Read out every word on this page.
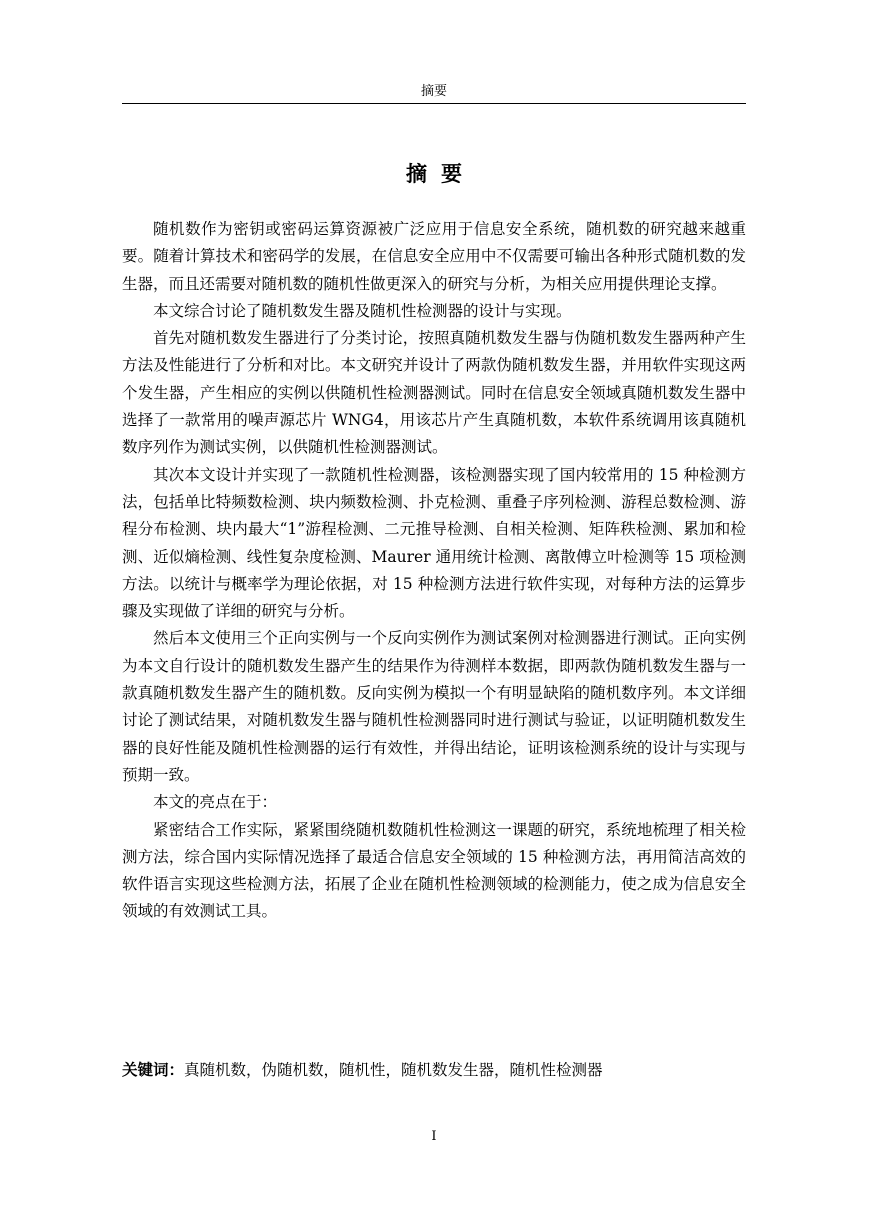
摘要
摘要

随机数作为密钥或密码运算资源被广泛应用于信息安全系统，随机数的研究越来越重要。随着计算技术和密码学的发展，在信息安全应用中不仅需要可输出各种形式随机数的发生器，而且还需要对随机数的随机性做更深入的研究与分析，为相关应用提供理论支撑。

本文综合讨论了随机数发生器及随机性检测器的设计与实现。

首先对随机数发生器进行了分类讨论，按照真随机数发生器与伪随机数发生器两种产生方法及性能进行了分析和对比。本文研究并设计了两款伪随机数发生器，并用软件实现这两个发生器，产生相应的实例以供随机性检测器测试。同时在信息安全领域真随机数发生器中选择了一款常用的噪声源芯片 WNG4，用该芯片产生真随机数，本软件系统调用该真随机数序列作为测试实例，以供随机性检测器测试。

其次本文设计并实现了一款随机性检测器，该检测器实现了国内较常用的 15 种检测方法，包括单比特频数检测、块内频数检测、扑克检测、重叠子序列检测、游程总数检测、游程分布检测、块内最大“1”游程检测、二元推导检测、自相关检测、矩阵秩检测、累加和检测、近似熵检测、线性复杂度检测、Maurer 通用统计检测、离散傅立叶检测等 15 项检测方法。以统计与概率学为理论依据，对 15 种检测方法进行软件实现，对每种方法的运算步骤及实现做了详细的研究与分析。

然后本文使用三个正向实例与一个反向实例作为测试案例对检测器进行测试。正向实例为本文自行设计的随机数发生器产生的结果作为待测样本数据，即两款伪随机数发生器与一款真随机数发生器产生的随机数。反向实例为模拟一个有明显缺陷的随机数序列。本文详细讨论了测试结果，对随机数发生器与随机性检测器同时进行测试与验证，以证明随机数发生器的良好性能及随机性检测器的运行有效性，并得出结论，证明该检测系统的设计与实现与预期一致。

本文的亮点在于：

紧密结合工作实际，紧紧围绕随机数随机性检测这一课题的研究，系统地梳理了相关检测方法，综合国内实际情况选择了最适合信息安全领域的 15 种检测方法，再用简洁高效的软件语言实现这些检测方法，拓展了企业在随机性检测领域的检测能力，使之成为信息安全领域的有效测试工具。

关键词：真随机数，伪随机数，随机性，随机数发生器，随机性检测器
I
